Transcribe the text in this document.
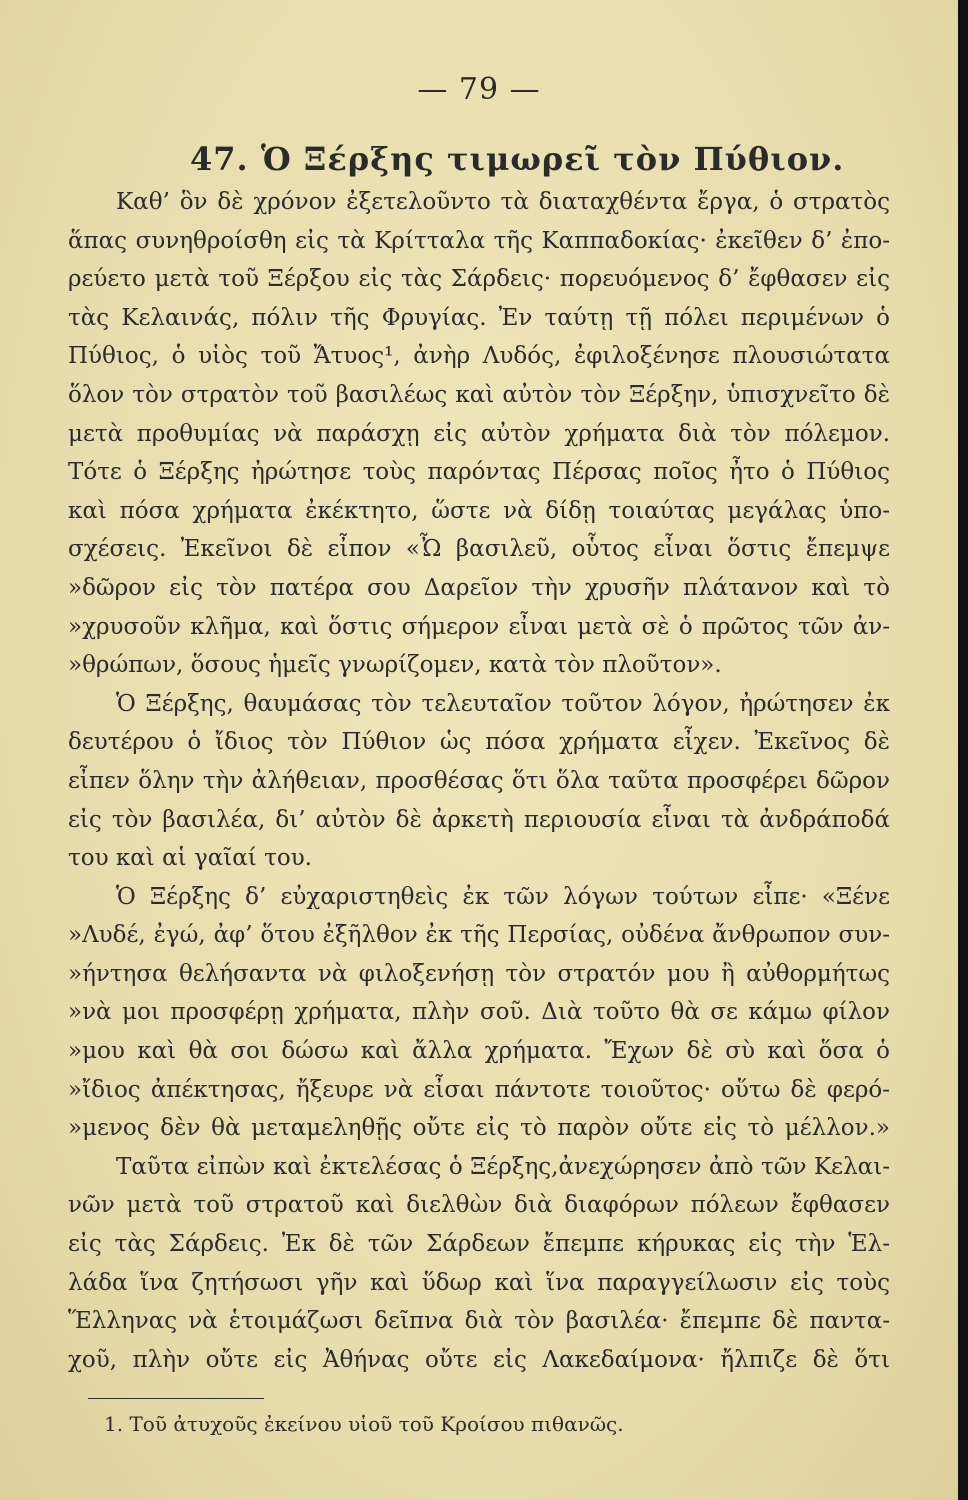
— 79 —
47. Ὁ Ξέρξης τιμωρεῖ τὸν Πύθιον.
Καθ’ ὃν δὲ χρόνον ἐξετελοῦντο τὰ διαταχθέντα ἔργα, ὁ στρατὸς
ἅπας συνηθροίσθη εἰς τὰ Κρίτταλα τῆς Καππαδοκίας· ἐκεῖθεν δ’ ἐπο-
ρεύετο μετὰ τοῦ Ξέρξου εἰς τὰς Σάρδεις· πορευόμενος δ’ ἔφθασεν εἰς
τὰς Κελαινάς, πόλιν τῆς Φρυγίας. Ἐν ταύτῃ τῇ πόλει περιμένων ὁ
Πύθιος, ὁ υἱὸς τοῦ Ἄτυος¹, ἀνὴρ Λυδός, ἐφιλοξένησε πλουσιώτατα
ὅλον τὸν στρατὸν τοῦ βασιλέως καὶ αὐτὸν τὸν Ξέρξην, ὑπισχνεῖτο δὲ
μετὰ προθυμίας νὰ παράσχῃ εἰς αὐτὸν χρήματα διὰ τὸν πόλεμον.
Τότε ὁ Ξέρξης ἠρώτησε τοὺς παρόντας Πέρσας ποῖος ἦτο ὁ Πύθιος
καὶ πόσα χρήματα ἐκέκτητο, ὥστε νὰ δίδῃ τοιαύτας μεγάλας ὑπο-
σχέσεις. Ἐκεῖνοι δὲ εἶπον «Ὦ βασιλεῦ, οὗτος εἶναι ὅστις ἔπεμψε
»δῶρον εἰς τὸν πατέρα σου Δαρεῖον τὴν χρυσῆν πλάτανον καὶ τὸ
»χρυσοῦν κλῆμα, καὶ ὅστις σήμερον εἶναι μετὰ σὲ ὁ πρῶτος τῶν ἀν-
»θρώπων, ὅσους ἡμεῖς γνωρίζομεν, κατὰ τὸν πλοῦτον».
Ὁ Ξέρξης, θαυμάσας τὸν τελευταῖον τοῦτον λόγον, ἠρώτησεν ἐκ
δευτέρου ὁ ἴδιος τὸν Πύθιον ὡς πόσα χρήματα εἶχεν. Ἐκεῖνος δὲ
εἶπεν ὅλην τὴν ἀλήθειαν, προσθέσας ὅτι ὅλα ταῦτα προσφέρει δῶρον
εἰς τὸν βασιλέα, δι’ αὐτὸν δὲ ἀρκετὴ περιουσία εἶναι τὰ ἀνδράποδά
του καὶ αἱ γαῖαί του.
Ὁ Ξέρξης δ’ εὐχαριστηθεὶς ἐκ τῶν λόγων τούτων εἶπε· «Ξένε
»Λυδέ, ἐγώ, ἀφ’ ὅτου ἐξῆλθον ἐκ τῆς Περσίας, οὐδένα ἄνθρωπον συν-
»ήντησα θελήσαντα νὰ φιλοξενήσῃ τὸν στρατόν μου ἢ αὐθορμήτως
»νὰ μοι προσφέρῃ χρήματα, πλὴν σοῦ. Διὰ τοῦτο θὰ σε κάμω φίλον
»μου καὶ θὰ σοι δώσω καὶ ἄλλα χρήματα. Ἔχων δὲ σὺ καὶ ὅσα ὁ
»ἴδιος ἀπέκτησας, ἤξευρε νὰ εἶσαι πάντοτε τοιοῦτος· οὕτω δὲ φερό-
»μενος δὲν θὰ μεταμεληθῇς οὔτε εἰς τὸ παρὸν οὔτε εἰς τὸ μέλλον.»
Ταῦτα εἰπὼν καὶ ἐκτελέσας ὁ Ξέρξης,ἀνεχώρησεν ἀπὸ τῶν Κελαι-
νῶν μετὰ τοῦ στρατοῦ καὶ διελθὼν διὰ διαφόρων πόλεων ἔφθασεν
εἰς τὰς Σάρδεις. Ἐκ δὲ τῶν Σάρδεων ἔπεμπε κήρυκας εἰς τὴν Ἑλ-
λάδα ἵνα ζητήσωσι γῆν καὶ ὕδωρ καὶ ἵνα παραγγείλωσιν εἰς τοὺς
Ἕλληνας νὰ ἑτοιμάζωσι δεῖπνα διὰ τὸν βασιλέα· ἔπεμπε δὲ παντα-
χοῦ, πλὴν οὔτε εἰς Ἀθήνας οὔτε εἰς Λακεδαίμονα· ἤλπιζε δὲ ὅτι
1. Τοῦ ἀτυχοῦς ἐκείνου υἱοῦ τοῦ Κροίσου πιθανῶς.
